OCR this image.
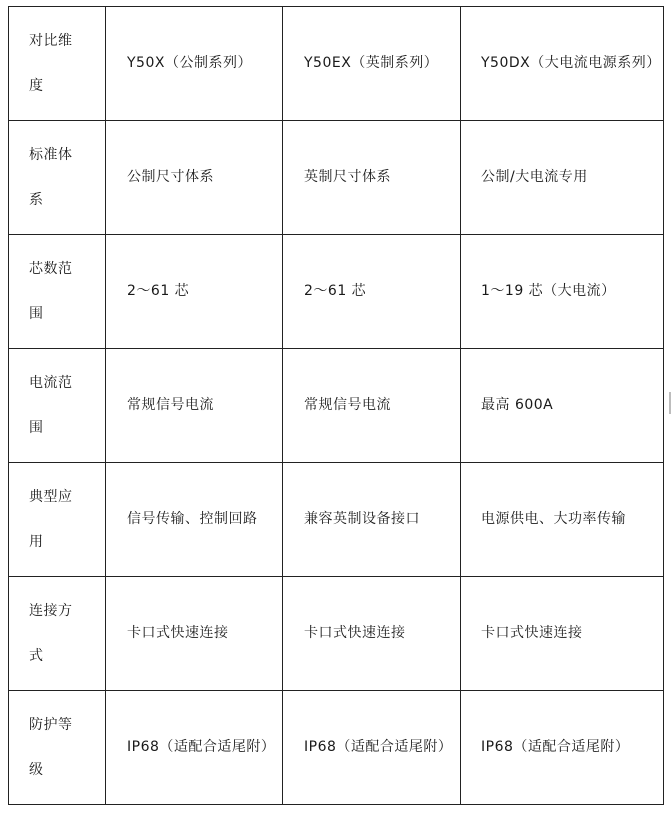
对比维度	Y50X（公制系列）	Y50EX（英制系列）	Y50DX（大电流电源系列）
标准体系	公制尺寸体系	英制尺寸体系	公制/大电流专用
芯数范围	2～61 芯	2～61 芯	1～19 芯（大电流）
电流范围	常规信号电流	常规信号电流	最高 600A
典型应用	信号传输、控制回路	兼容英制设备接口	电源供电、大功率传输
连接方式	卡口式快速连接	卡口式快速连接	卡口式快速连接
防护等级	IP68（适配合适尾附）	IP68（适配合适尾附）	IP68（适配合适尾附）
